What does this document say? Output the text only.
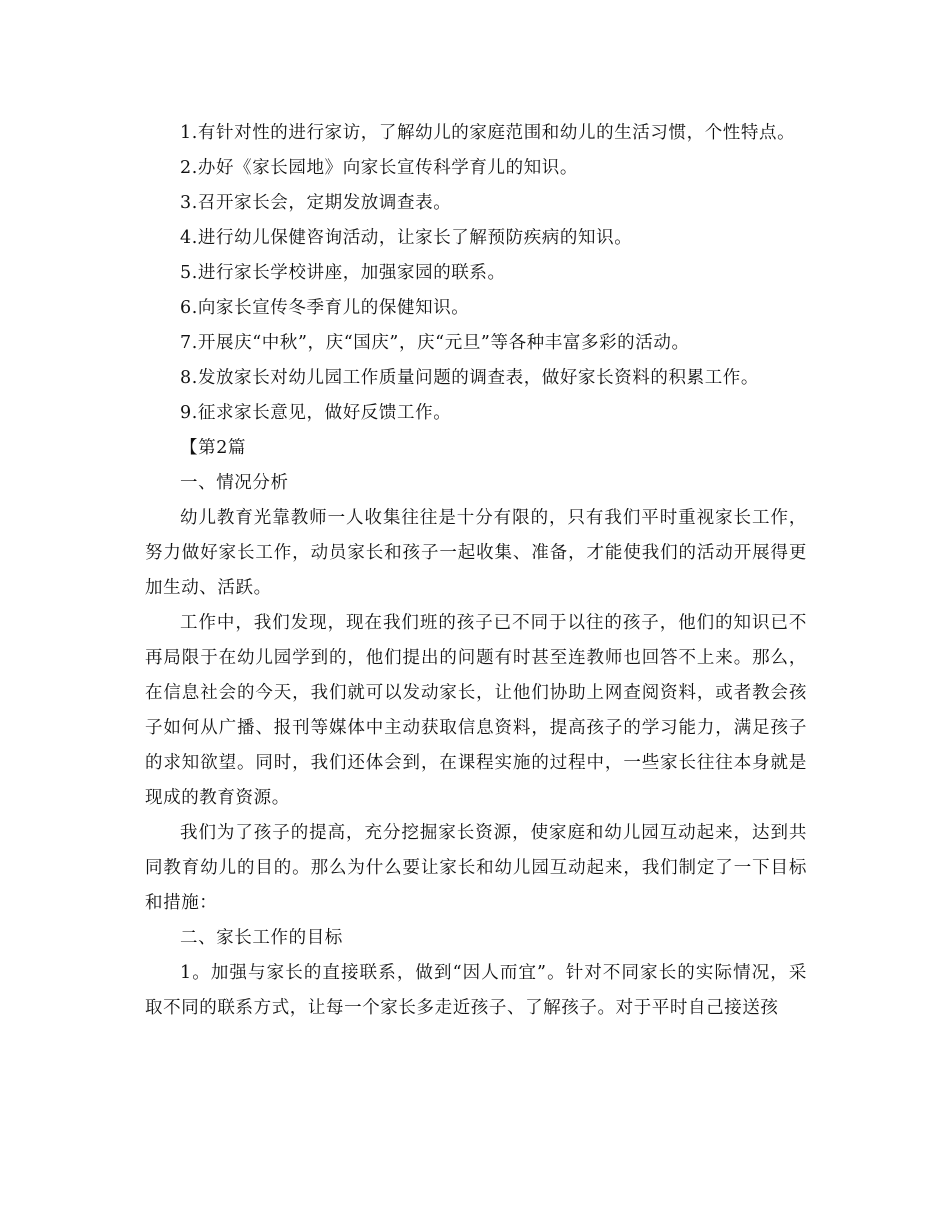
1.有针对性的进行家访，了解幼儿的家庭范围和幼儿的生活习惯，个性特点。

2.办好《家长园地》向家长宣传科学育儿的知识。

3.召开家长会，定期发放调查表。

4.进行幼儿保健咨询活动，让家长了解预防疾病的知识。

5.进行家长学校讲座，加强家园的联系。

6.向家长宣传冬季育儿的保健知识。

7.开展庆“中秋”，庆“国庆”，庆“元旦”等各种丰富多彩的活动。

8.发放家长对幼儿园工作质量问题的调查表，做好家长资料的积累工作。

9.征求家长意见，做好反馈工作。

【第2篇

一、情况分析

幼儿教育光靠教师一人收集往往是十分有限的，只有我们平时重视家长工作，努力做好家长工作，动员家长和孩子一起收集、准备，才能使我们的活动开展得更加生动、活跃。

工作中，我们发现，现在我们班的孩子已不同于以往的孩子，他们的知识已不再局限于在幼儿园学到的，他们提出的问题有时甚至连教师也回答不上来。那么，在信息社会的今天，我们就可以发动家长，让他们协助上网查阅资料，或者教会孩子如何从广播、报刊等媒体中主动获取信息资料，提高孩子的学习能力，满足孩子的求知欲望。同时，我们还体会到，在课程实施的过程中，一些家长往往本身就是现成的教育资源。

我们为了孩子的提高，充分挖掘家长资源，使家庭和幼儿园互动起来，达到共同教育幼儿的目的。那么为什么要让家长和幼儿园互动起来，我们制定了一下目标和措施：

二、家长工作的目标

1。加强与家长的直接联系，做到“因人而宜”。针对不同家长的实际情况，采取不同的联系方式，让每一个家长多走近孩子、了解孩子。对于平时自己接送孩
